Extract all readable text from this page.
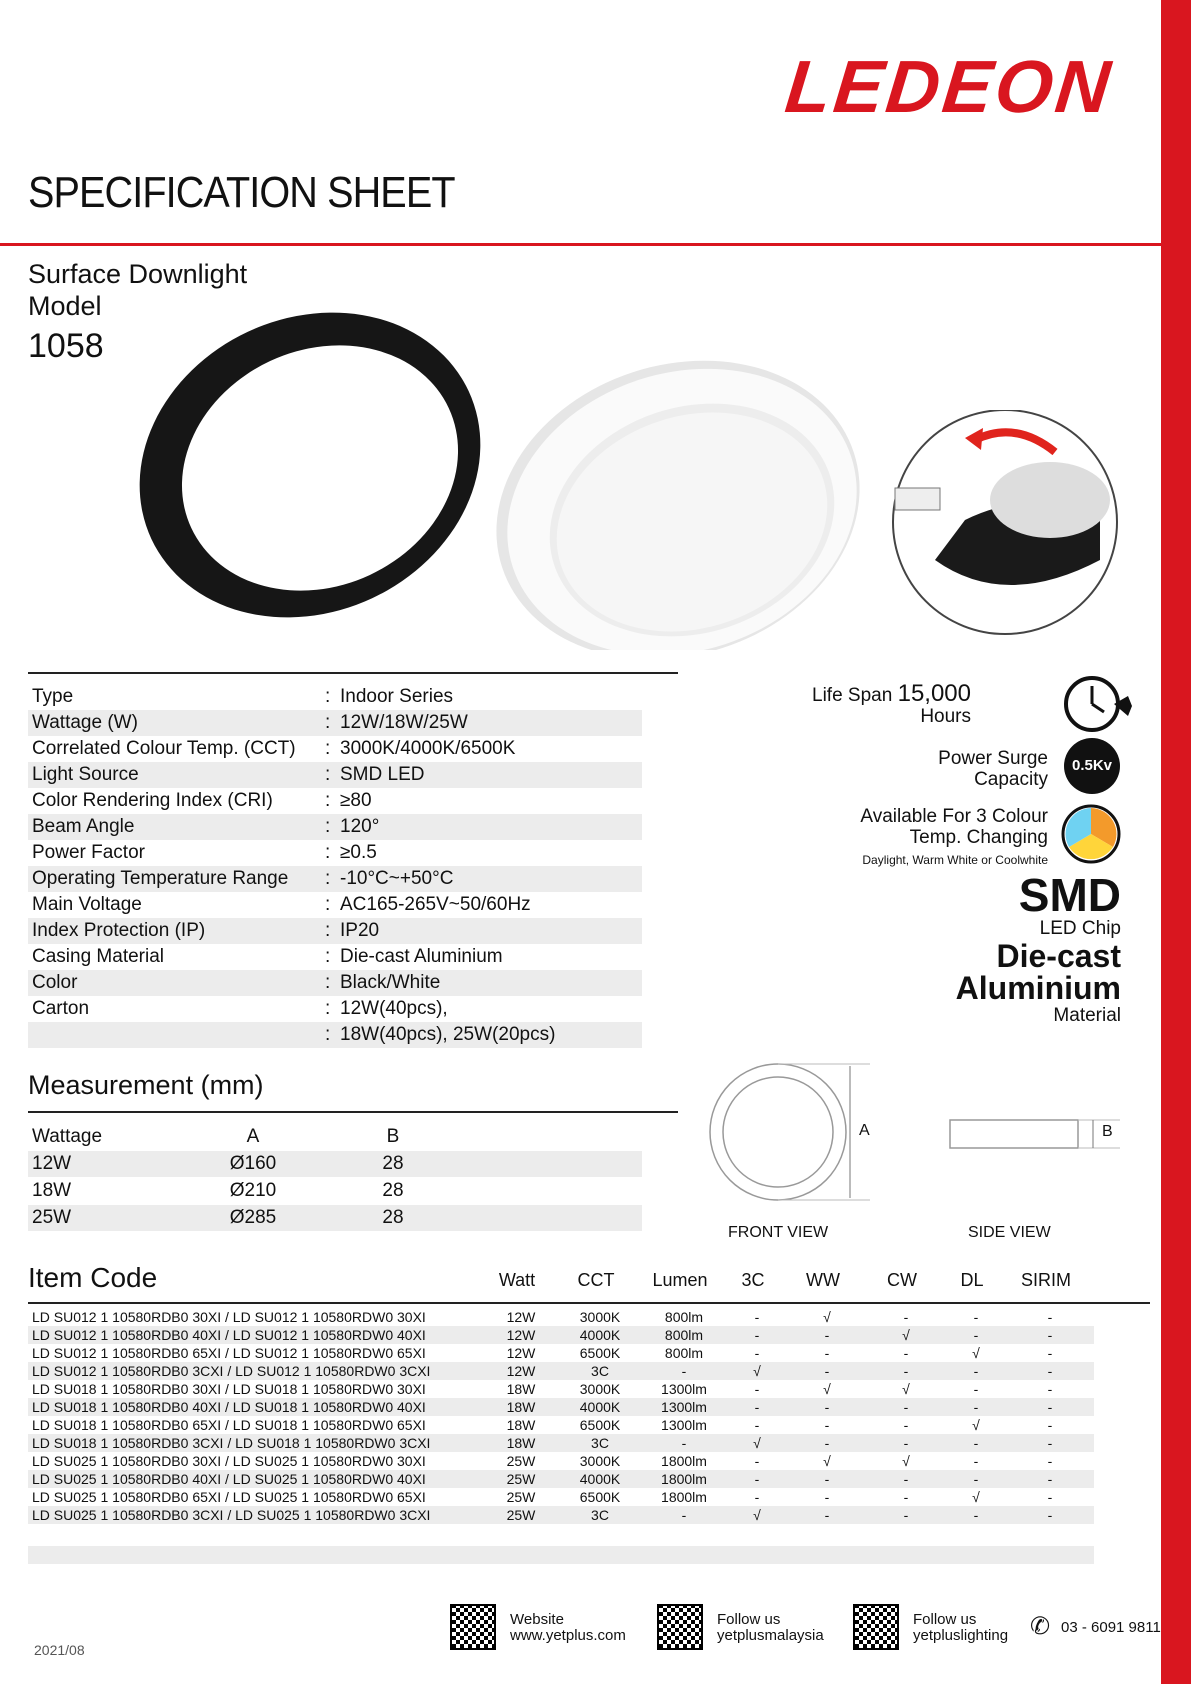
LEDEON
SPECIFICATION SHEET
Surface Downlight
Model
1058
Type	: Indoor Series
Wattage (W)	: 12W/18W/25W
Correlated Colour Temp. (CCT) : 3000K/4000K/6500K
Light Source	: SMD LED
Color Rendering Index (CRI)	: ≥80
Beam Angle	: 120°
Power Factor	: ≥0.5
Operating Temperature Range : -10°C~+50°C
Main Voltage	: AC165-265V~50/60Hz
Index Protection (IP)	: IP20
Casing Material	: Die-cast Aluminium
Color	: Black/White
Carton	: 12W(40pcs),
: 18W(40pcs), 25W(20pcs)
Life Span 15,000
Hours
Power Surge
Capacity
0.5Kv
Available For 3 Colour
Temp. Changing
Daylight, Warm White or Coolwhite
SMD
LED Chip
Die-cast
Aluminium
Material
Measurement (mm)
Wattage	A	B
12W	Ø160	28
18W	Ø210	28
25W	Ø285	28
A	B
FRONT VIEW	SIDE VIEW
Item Code	Watt	CCT	Lumen	3C	WW	CW	DL	SIRIM
LD SU012 1 10580RDB0 30XI / LD SU012 1 10580RDW0 30XI	12W	3000K	800lm	-	√	-	-	-
LD SU012 1 10580RDB0 40XI / LD SU012 1 10580RDW0 40XI	12W	4000K	800lm	-	-	√	-	-
LD SU012 1 10580RDB0 65XI / LD SU012 1 10580RDW0 65XI	12W	6500K	800lm	-	-	-	√	-
LD SU012 1 10580RDB0 3CXI / LD SU012 1 10580RDW0 3CXI	12W	3C	-	√	-	-	-	-
LD SU018 1 10580RDB0 30XI / LD SU018 1 10580RDW0 30XI	18W	3000K	1300lm	-	√	√	-	-
LD SU018 1 10580RDB0 40XI / LD SU018 1 10580RDW0 40XI	18W	4000K	1300lm	-	-	-	-	-
LD SU018 1 10580RDB0 65XI / LD SU018 1 10580RDW0 65XI	18W	6500K	1300lm	-	-	-	√	-
LD SU018 1 10580RDB0 3CXI / LD SU018 1 10580RDW0 3CXI	18W	3C	-	√	-	-	-	-
LD SU025 1 10580RDB0 30XI / LD SU025 1 10580RDW0 30XI	25W	3000K	1800lm	-	√	√	-	-
LD SU025 1 10580RDB0 40XI / LD SU025 1 10580RDW0 40XI	25W	4000K	1800lm	-	-	-	-	-
LD SU025 1 10580RDB0 65XI / LD SU025 1 10580RDW0 65XI	25W	6500K	1800lm	-	-	-	√	-
LD SU025 1 10580RDB0 3CXI / LD SU025 1 10580RDW0 3CXI	25W	3C	-	√	-	-	-	-
Website
www.yetplus.com
Follow us
yetplusmalaysia
Follow us
yetpluslighting ✆ 03 - 6091 9811
2021/08
